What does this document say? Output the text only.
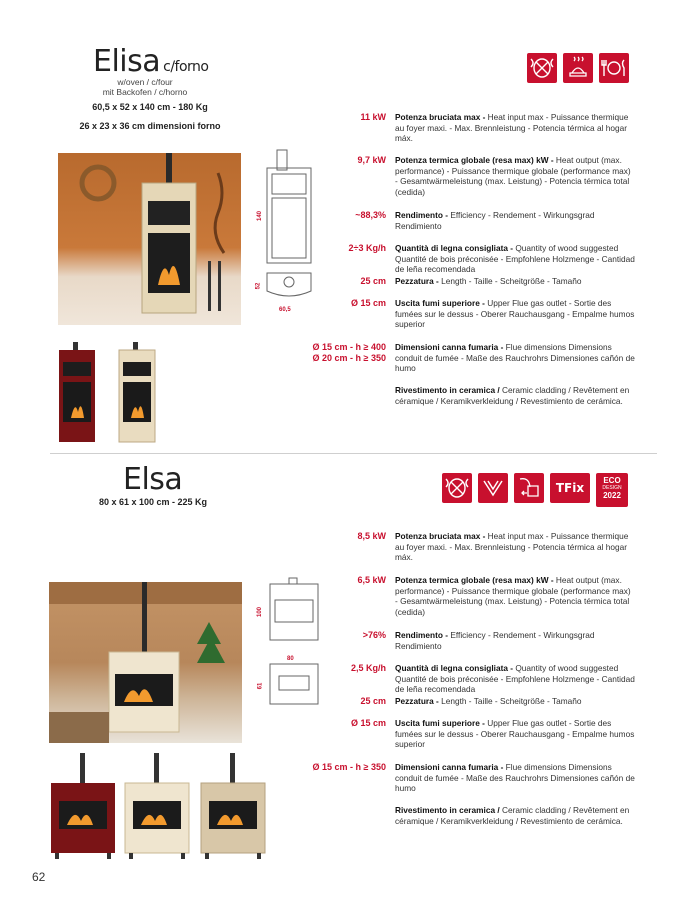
Elisa c/forno
w/oven / c/four
mit Backofen / c/horno
60,5 x 52 x 140 cm - 180 Kg
26 x 23 x 36 cm dimensioni forno
140
52
60,5
11 kW Potenza bruciata max - Heat input max - Puissance thermique au foyer maxi. - Max. Brennleistung - Potencia térmica al hogar máx.
9,7 kW Potenza termica globale (resa max) kW - Heat output (max. performance) - Puissance thermique globale (performance max) - Gesamtwärmeleistung (max. Leistung) - Potencia térmica total (cedida)
~88,3% Rendimento - Efficiency - Rendement - Wirkungsgrad Rendimiento
2÷3 Kg/h Quantità di legna consigliata - Quantity of wood suggested Quantité de bois préconisée - Empfohlene Holzmenge - Cantidad de leña recomendada
25 cm Pezzatura - Length - Taille - Scheitgröße - Tamaño
Ø 15 cm Uscita fumi superiore - Upper Flue gas outlet - Sortie des fumées sur le dessus - Oberer Rauchausgang - Empalme humos superior
Ø 15 cm - h ≥ 400
Ø 20 cm - h ≥ 350
Dimensioni canna fumaria - Flue dimensions Dimensions conduit de fumée - Maße des Rauchrohrs Dimensiones cañón de humo
Rivestimento in ceramica / Ceramic cladding / Revêtement en céramique / Keramikverkleidung / Revestimiento de cerámica.
Elsa
80 x 61 x 100 cm - 225 Kg
TFix
ECO
DESIGN
2022
100
80
61
8,5 kW Potenza bruciata max - Heat input max - Puissance thermique au foyer maxi. - Max. Brennleistung - Potencia térmica al hogar máx.
6,5 kW Potenza termica globale (resa max) kW - Heat output (max. performance) - Puissance thermique globale (performance max) - Gesamtwärmeleistung (max. Leistung) - Potencia térmica total (cedida)
>76% Rendimento - Efficiency - Rendement - Wirkungsgrad Rendimiento
2,5 Kg/h Quantità di legna consigliata - Quantity of wood suggested Quantité de bois préconisée - Empfohlene Holzmenge - Cantidad de leña recomendada
25 cm Pezzatura - Length - Taille - Scheitgröße - Tamaño
Ø 15 cm Uscita fumi superiore - Upper Flue gas outlet - Sortie des fumées sur le dessus - Oberer Rauchausgang - Empalme humos superior
Ø 15 cm - h ≥ 350 Dimensioni canna fumaria - Flue dimensions Dimensions conduit de fumée - Maße des Rauchrohrs Dimensiones cañón de humo
Rivestimento in ceramica / Ceramic cladding / Revêtement en céramique / Keramikverkleidung / Revestimiento de cerámica.
62
